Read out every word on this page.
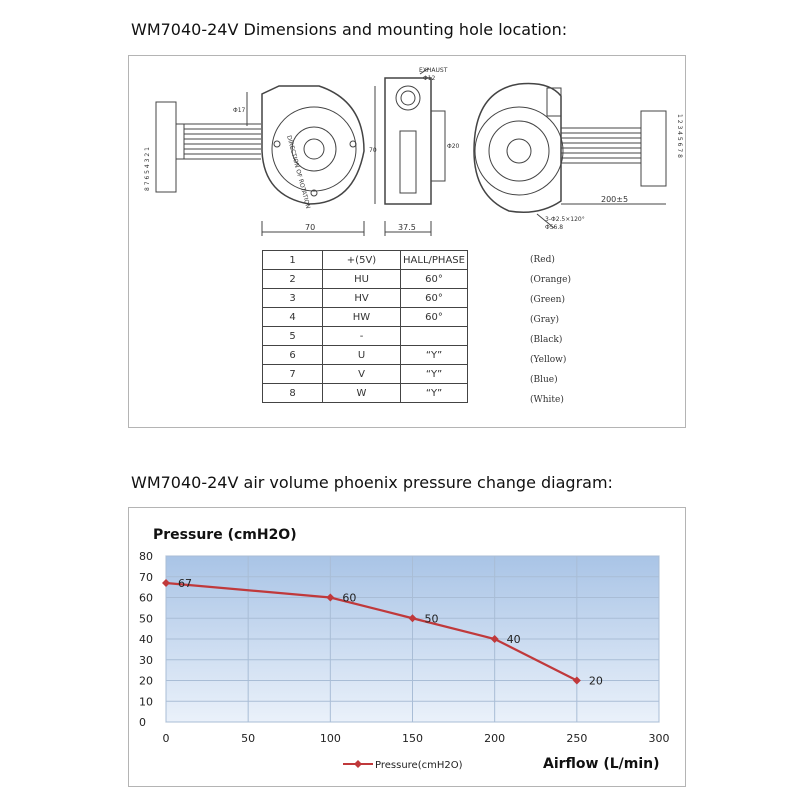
WM7040-24V Dimensions and mounting hole location:
EXHAUST
Φ12
Φ17
70
70	37.5
Φ20
200±5
3-Φ2.5×120°
Φ56.8
DIRECTION OF ROTATION
8 7 6 5 4 3 2 1
1 2 3 4 5 6 7 8
1	+(5V)	HALL/PHASE
2	HU	60°
3	HV	60°
4	HW	60°
5	-	
6	U	“Y”
7	V	“Y”
8	W	“Y”
(Red)
(Orange)
(Green)
(Gray)
(Black)
(Yellow)
(Blue)
(White)
WM7040-24V air volume phoenix pressure change diagram:
0
10
20
30
40
50
60
70
80
0	50	100	150	200	250	300
67
60
50
40
20
Pressure (cmH2O)
Airflow (L/min)
Pressure(cmH2O)
